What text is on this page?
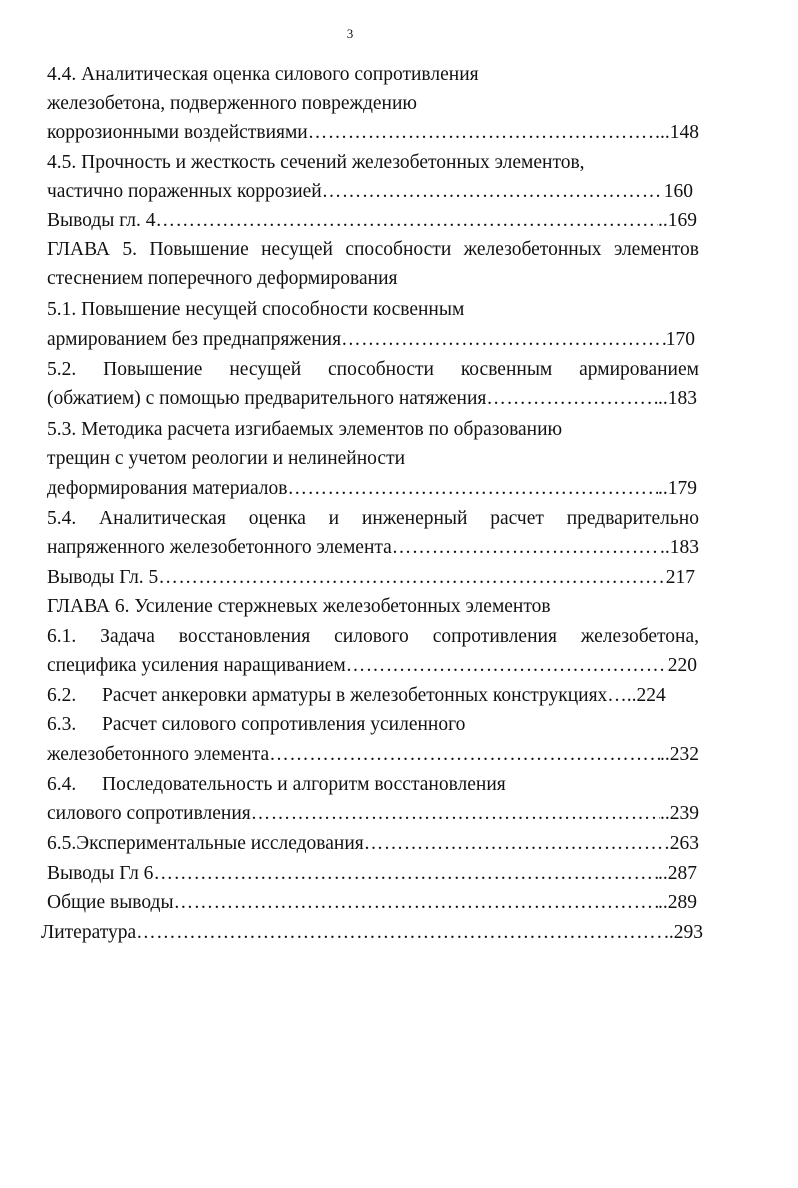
3
4.4. Аналитическая оценка силового сопротивления
железобетона, подверженного повреждению
коррозионными воздействиями ………………………………………………………………………………………………………………………………………………………………………………………………	..148
4.5. Прочность и жесткость сечений железобетонных элементов,
частично пораженных коррозией ………………………………………………………………………………………………………………………………………………………………………………………………	160
Выводы гл. 4 ………………………………………………………………………………………………………………………………………………………………………………………………	..169
ГЛАВА 5. Повышение несущей способности железобетонных элементов
стеснением поперечного деформирования
5.1. Повышение несущей способности косвенным
армированием без преднапряжения ………………………………………………………………………………………………………………………………………………………………………………………………	170
5.2. Повышение несущей способности косвенным армированием
(обжатием) с помощью предварительного натяжения ………………………………………………………………………………………………………………………………………………………………………………………………	..183
5.3. Методика расчета изгибаемых элементов по образованию
трещин с учетом реологии и нелинейности
деформирования материалов ………………………………………………………………………………………………………………………………………………………………………………………………	..179
5.4. Аналитическая оценка и инженерный расчет предварительно
напряженного железобетонного элемента ………………………………………………………………………………………………………………………………………………………………………………………………	..183
Выводы Гл. 5 ………………………………………………………………………………………………………………………………………………………………………………………………	217
ГЛАВА 6. Усиление стержневых железобетонных элементов
6.1. Задача восстановления силового сопротивления железобетона,
специфика усиления наращиванием ………………………………………………………………………………………………………………………………………………………………………………………………	220
6.2. Расчет анкеровки арматуры в железобетонных конструкциях…..224
6.3. Расчет силового сопротивления усиленного
железобетонного элемента ………………………………………………………………………………………………………………………………………………………………………………………………	..232
6.4. Последовательность и алгоритм восстановления
силового сопротивления ………………………………………………………………………………………………………………………………………………………………………………………………	..239
6.5. Экспериментальные исследования ………………………………………………………………………………………………………………………………………………………………………………………………	263
Выводы Гл 6 ………………………………………………………………………………………………………………………………………………………………………………………………	..287
Общие выводы ………………………………………………………………………………………………………………………………………………………………………………………………	..289
Литература ………………………………………………………………………………………………………………………………………………………………………………………………	..293
